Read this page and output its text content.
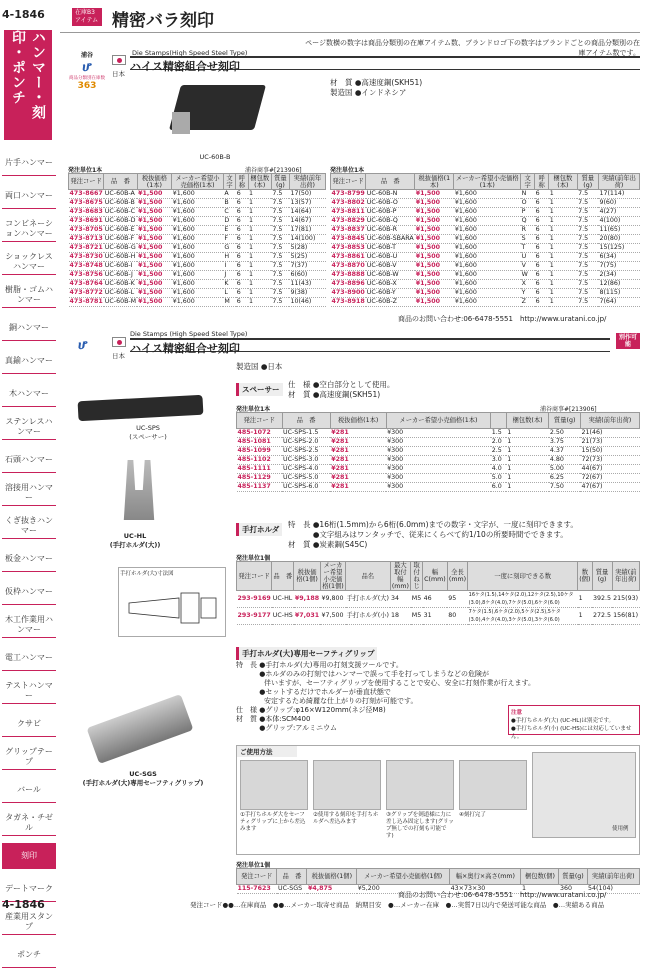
4-1846
ハンマー・刻印・ポンチ
片手ハンマー
両口ハンマー
コンビネーションハンマー
ショックレスハンマー
樹脂・ゴムハンマー
銅ハンマー
真鍮ハンマー
木ハンマー
ステンレスハンマー
石頭ハンマー
溶接用ハンマー
くぎ抜きハンマー
板金ハンマー
仮枠ハンマー
木工作業用ハンマー
電工ハンマー
テストハンマー
クサビ
グリップテープ
バール
タガネ・チゼル
刻印
デートマーク
産業用スタンプ
ポンチ
4-1846
在庫B3アイテム 精密バラ刻印
ページ数横の数字は商品分類別の在庫アイテム数、ブランドロゴ下の数字はブランドごとの商品分類別の在庫アイテム数です。
浦谷
ሆ
商品分類別在庫数
363
日本
Die Stamps(High Speed Steel Type)
ハイス精密組合せ刻印
UC-60B-B
材　質 ●高速度鋼(SKH51)
製造国 ●インドネシア
発注単位1本	発注単位1本
浦谷商事#[213906]
発注コード	品　番	税抜価格(1本)	メーカー希望小売価格(1本)	文字	呼称	梱包数(本)	質量(g)	実績(前年出荷)
473-8667	UC-60B-A	¥1,500	¥1,600	A	6	1	7.5	17(50)
473-8675	UC-60B-B	¥1,500	¥1,600	B	6	1	7.5	13(57)
473-8683	UC-60B-C	¥1,500	¥1,600	C	6	1	7.5	14(64)
473-8691	UC-60B-D	¥1,500	¥1,600	D	6	1	7.5	14(67)
473-8705	UC-60B-E	¥1,500	¥1,600	E	6	1	7.5	17(81)
473-8713	UC-60B-F	¥1,500	¥1,600	F	6	1	7.5	14(100)
473-8721	UC-60B-G	¥1,500	¥1,600	G	6	1	7.5	5(28)
473-8730	UC-60B-H	¥1,500	¥1,600	H	6	1	7.5	5(25)
473-8748	UC-60B-I	¥1,500	¥1,600	I	6	1	7.5	7(37)
473-8756	UC-60B-J	¥1,500	¥1,600	J	6	1	7.5	6(60)
473-8764	UC-60B-K	¥1,500	¥1,600	K	6	1	7.5	11(43)
473-8772	UC-60B-L	¥1,500	¥1,600	L	6	1	7.5	9(38)
473-8781	UC-60B-M	¥1,500	¥1,600	M	6	1	7.5	10(46)
発注コード	品　番	税抜価格(1本)	メーカー希望小売価格(1本)	文字	呼称	梱包数(本)	質量(g)	実績(前年出荷)
473-8799	UC-60B-N	¥1,500	¥1,600	N	6	1	7.5	17(114)
473-8802	UC-60B-O	¥1,500	¥1,600	O	6	1	7.5	9(60)
473-8811	UC-60B-P	¥1,500	¥1,600	P	6	1	7.5	4(27)
473-8829	UC-60B-Q	¥1,500	¥1,600	Q	6	1	7.5	4(100)
473-8837	UC-60B-R	¥1,500	¥1,600	R	6	1	7.5	11(65)
473-8845	UC-60B-SBARA	¥1,500	¥1,600	S	6	1	7.5	20(80)
473-8853	UC-60B-T	¥1,500	¥1,600	T	6	1	7.5	15(125)
473-8861	UC-60B-U	¥1,500	¥1,600	U	6	1	7.5	6(34)
473-8870	UC-60B-V	¥1,500	¥1,600	V	6	1	7.5	7(75)
473-8888	UC-60B-W	¥1,500	¥1,600	W	6	1	7.5	2(34)
473-8896	UC-60B-X	¥1,500	¥1,600	X	6	1	7.5	12(86)
473-8900	UC-60B-Y	¥1,500	¥1,600	Y	6	1	7.5	8(115)
473-8918	UC-60B-Z	¥1,500	¥1,600	Z	6	1	7.5	7(64)
商品のお問い合わせ:06-6478-5551　http://www.uratani.co.jp/
Die Stamps (High Speed Steel Type)
日本
ሆ	ハイス精密組合せ刻印
別作可能
製造国 ●日本
UC-SPS
(スペーサー)
UC-HL
(手打ホルダ(大))
手打ホルダ(大)寸法図
UC-SGS
(手打ホルダ(大)専用セーフティグリップ)
スペーサー
仕　様 ●空白部分として使用。
材　質 ●高速度鋼(SKH51)
発注単位1本	浦谷商事#[213906]
発注コード	品　番	税抜価格(1本)	メーカー希望小売価格(1本)		梱包数(本)	質量(g)	実績(前年出荷)
485-1072	UC-SPS-1.5	¥281	¥300	1.5	1	2.50	21(46)
485-1081	UC-SPS-2.0	¥281	¥300	2.0	1	3.75	21(73)
485-1099	UC-SPS-2.5	¥281	¥300	2.5	1	4.37	15(50)
485-1102	UC-SPS-3.0	¥281	¥300	3.0	1	4.80	72(73)
485-1111	UC-SPS-4.0	¥281	¥300	4.0	1	5.00	44(67)
485-1129	UC-SPS-5.0	¥281	¥300	5.0	1	6.25	72(67)
485-1137	UC-SPS-6.0	¥281	¥300	6.0	1	7.50	47(67)
手打ホルダ
特　長 ●16桁(1.5mm)から6桁(6.0mm)までの数字・文字が、一度に刻印できます。
　　　 ●文字組みはワンタッチで、従来にくらべて約1/10の所要時間でできます。
材　質 ●炭素鋼(S45C)
発注単位1個
発注コード	品　番	税抜価格(1個)	メーカー希望小売価格(1個)	品名	最大取付幅(mm)	取付ねじ	幅C(mm)	全長(mm)	一度に刻印できる数	数(個)	質量(g)	実績(前年出荷)
293-9169	UC-HL	¥9,188	¥9,800	手打ホルダ(大)	34	M5	46	95	16ケタ(1.5),14ケタ(2.0),12ケタ(2.5),10ケタ(3.0),8ケタ(4.0),7ケタ(5.0),6ケタ(6.0)	1	392.5	215(93)
293-9177	UC-HS	¥7,031	¥7,500	手打ホルダ(小)	18	M5	31	80	7ケタ(1.5),6ケタ(2.0),5ケタ(2.5),5ケタ(3.0),4ケタ(4.0),3ケタ(5.0),3ケタ(6.0)	1	272.5	156(81)
手打ホルダ(大)専用セーフティグリップ
特　長 ●手打ホルダ(大)専用の打刻支援ツールです。
　　　 ●ホルダのみの打刻ではハンマーで誤って手を打ってしまうなどの危険が
　　　　伴いますが、セーフティグリップを使用することで安心、安全に打刻作業が行えます。
　　　 ●セットするだけでホルダーが垂直状態で
　　　　安定するため綺麗な仕上がりの打刻が可能です。
仕　様 ●グリップ:φ16×W120mm(ネジ径M8)
材　質 ●本体:SCM400
　　　 ●グリップ:アルミニウム
注意
●手打ちホルダ(大) (UC-HL)は別売です。
●手打ちホルダ(小) (UC-HS)には対応していません。
ご使用方法
使用例
①手打ちホルダ大をセーフティグリップに上から差込みます
②使用する刻印を手打ちホルダへ差込みます
③グリップを剣道様に力に差し込み固定します(グリップ無しでの打刻も可能です)
④刻打完了
発注単位1個
発注コード	品　番	税抜価格(1個)	メーカー希望小売価格(1個)	幅×奥行×高さ(mm)	梱包数(個)	質量(g)	実績(前年出荷)
115-7623	UC-SGS	¥4,875	¥5,200	43×73×30	1	360	54(104)
商品のお問い合わせ:06-6478-5551　http://www.uratani.co.jp/
発注コード●●…在庫商品　●●…メーカー取寄せ商品　納期目安　●…メーカー在庫　●…実質7日以内で発送可能な商品　●…実績ある商品
